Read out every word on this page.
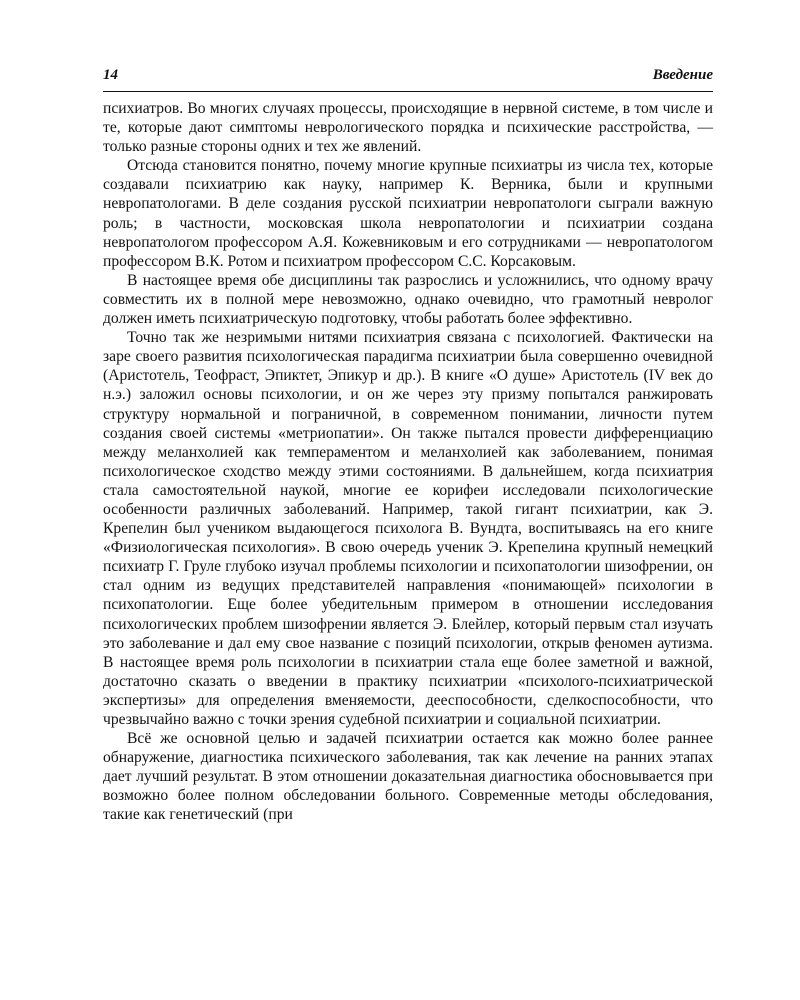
14	Введение

психиатров. Во многих случаях процессы, происходящие в нервной системе, в том числе и те, которые дают симптомы неврологического порядка и психические расстройства, — только разные стороны одних и тех же явлений.

Отсюда становится понятно, почему многие крупные психиатры из числа тех, которые создавали психиатрию как науку, например К. Верника, были и крупными невропатологами. В деле создания русской психиатрии невропатологи сыграли важную роль; в частности, московская школа невропатологии и психиатрии создана невропатологом профессором А.Я. Кожевниковым и его сотрудниками — невропатологом профессором В.К. Ротом и психиатром профессором С.С. Корсаковым.

В настоящее время обе дисциплины так разрослись и усложнились, что одному врачу совместить их в полной мере невозможно, однако очевидно, что грамотный невролог должен иметь психиатрическую подготовку, чтобы работать более эффективно.

Точно так же незримыми нитями психиатрия связана с психологией. Фактически на заре своего развития психологическая парадигма психиатрии была совершенно очевидной (Аристотель, Теофраст, Эпиктет, Эпикур и др.). В книге «О душе» Аристотель (IV век до н.э.) заложил основы психологии, и он же через эту призму попытался ранжировать структуру нормальной и пограничной, в современном понимании, личности путем создания своей системы «метриопатии». Он также пытался провести дифференциацию между меланхолией как темпераментом и меланхолией как заболеванием, понимая психологическое сходство между этими состояниями. В дальнейшем, когда психиатрия стала самостоятельной наукой, многие ее корифеи исследовали психологические особенности различных заболеваний. Например, такой гигант психиатрии, как Э. Крепелин был учеником выдающегося психолога В. Вундта, воспитываясь на его книге «Физиологическая психология». В свою очередь ученик Э. Крепелина крупный немецкий психиатр Г. Груле глубоко изучал проблемы психологии и психопатологии шизофрении, он стал одним из ведущих представителей направления «понимающей» психологии в психопатологии. Еще более убедительным примером в отношении исследования психологических проблем шизофрении является Э. Блейлер, который первым стал изучать это заболевание и дал ему свое название с позиций психологии, открыв феномен аутизма. В настоящее время роль психологии в психиатрии стала еще более заметной и важной, достаточно сказать о введении в практику психиатрии «психолого-психиатрической экспертизы» для определения вменяемости, дееспособности, сделкоспособности, что чрезвычайно важно с точки зрения судебной психиатрии и социальной психиатрии.

Всё же основной целью и задачей психиатрии остается как можно более раннее обнаружение, диагностика психического заболевания, так как лечение на ранних этапах дает лучший результат. В этом отношении доказательная диагностика обосновывается при возможно более полном обследовании больного. Современные методы обследования, такие как генетический (при
